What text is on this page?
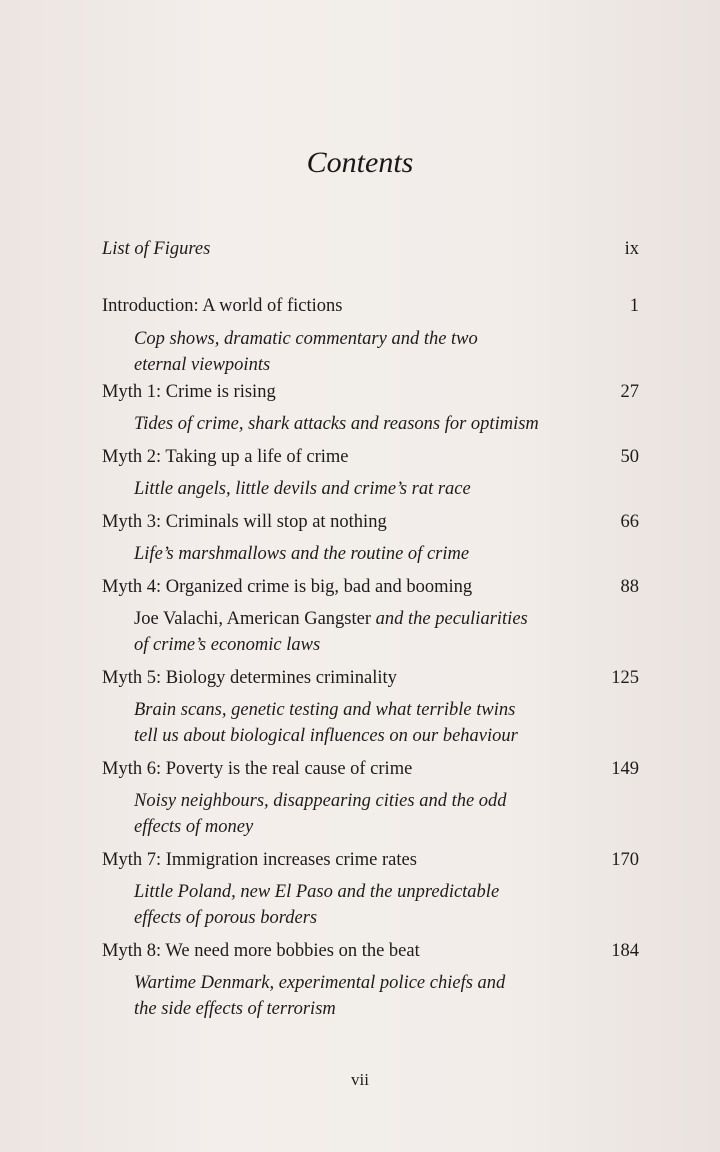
Contents
List of Figures	ix
Introduction: A world of fictions	1
Cop shows, dramatic commentary and the two
eternal viewpoints
Myth 1: Crime is rising	27
Tides of crime, shark attacks and reasons for optimism
Myth 2: Taking up a life of crime	50
Little angels, little devils and crime’s rat race
Myth 3: Criminals will stop at nothing	66
Life’s marshmallows and the routine of crime
Myth 4: Organized crime is big, bad and booming	88
Joe Valachi, American Gangster and the peculiarities
of crime’s economic laws
Myth 5: Biology determines criminality	125
Brain scans, genetic testing and what terrible twins
tell us about biological influences on our behaviour
Myth 6: Poverty is the real cause of crime	149
Noisy neighbours, disappearing cities and the odd
effects of money
Myth 7: Immigration increases crime rates	170
Little Poland, new El Paso and the unpredictable
effects of porous borders
Myth 8: We need more bobbies on the beat	184
Wartime Denmark, experimental police chiefs and
the side effects of terrorism
vii
